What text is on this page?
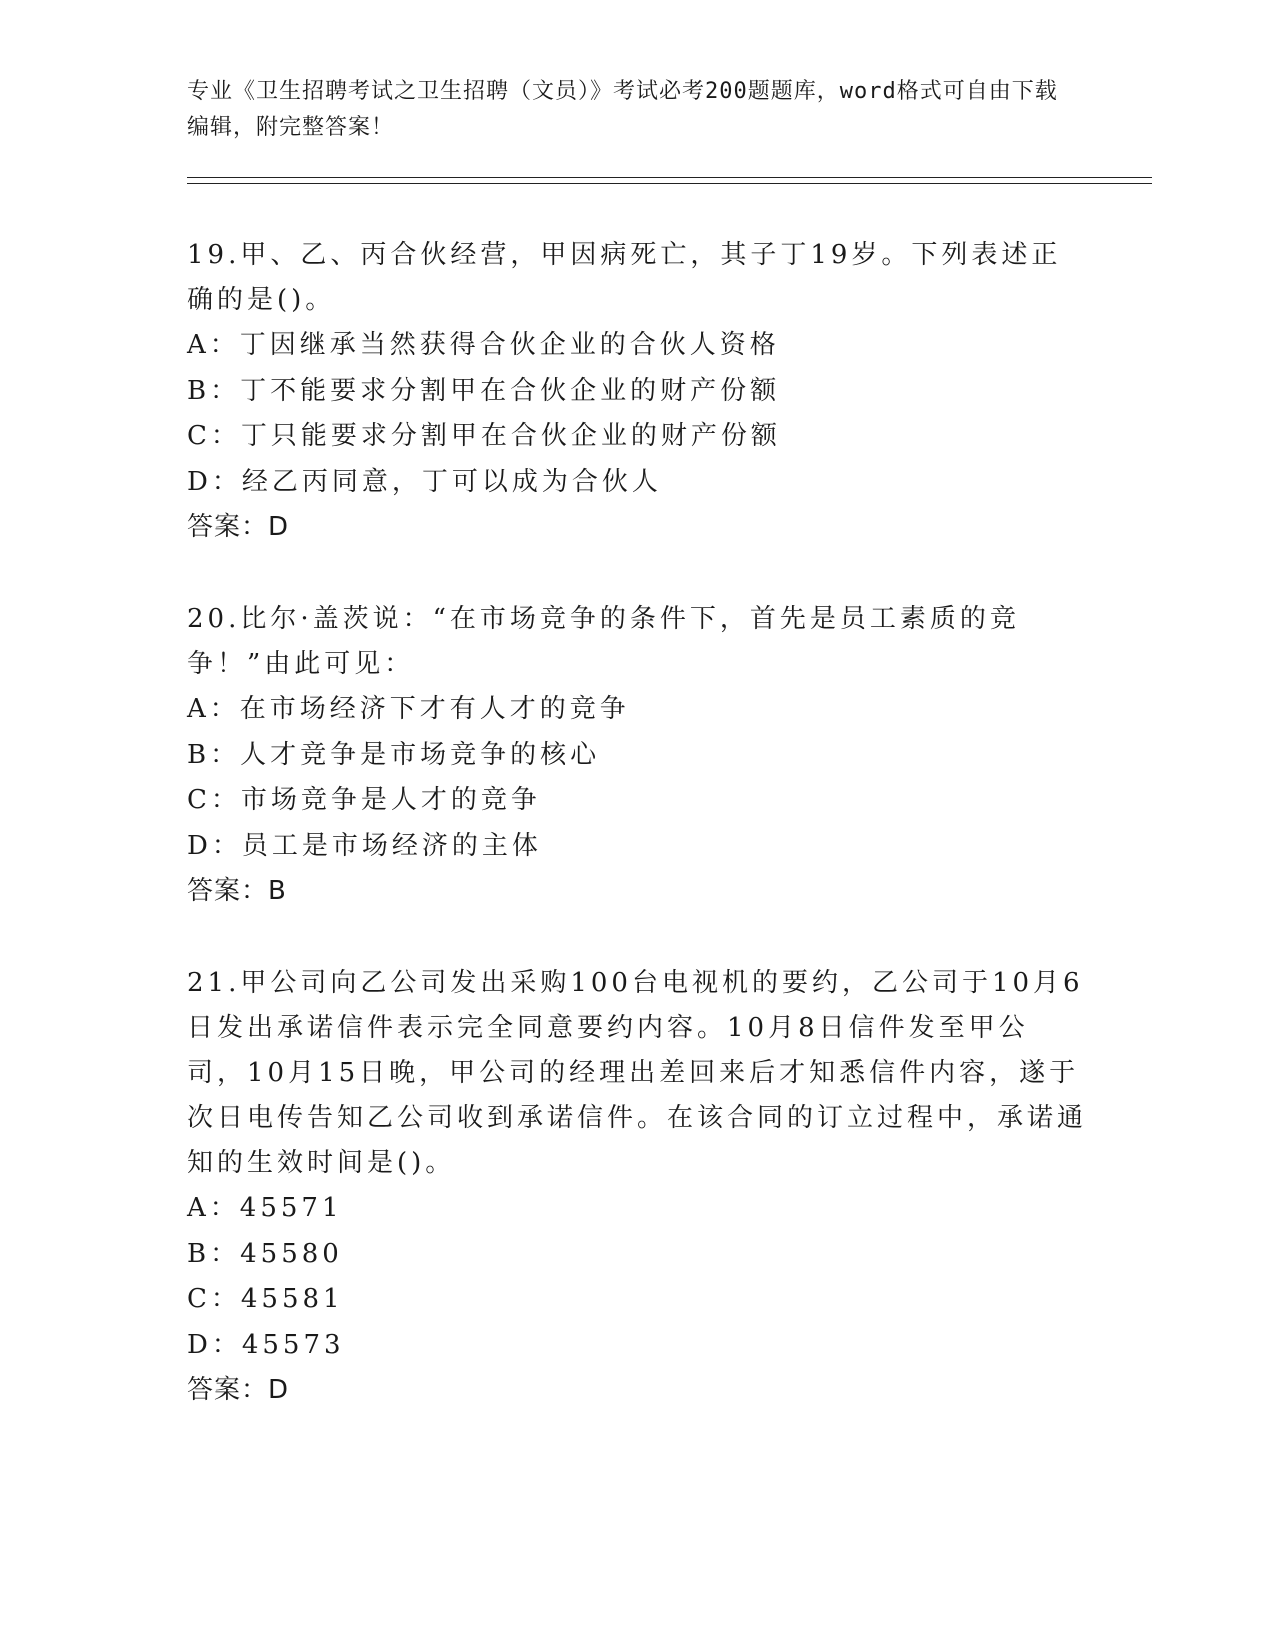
专业《卫生招聘考试之卫生招聘（文员）》考试必考200题题库，word格式可自由下载编辑，附完整答案！

19.甲、乙、丙合伙经营，甲因病死亡，其子丁19岁。下列表述正确的是()。

A：丁因继承当然获得合伙企业的合伙人资格

B：丁不能要求分割甲在合伙企业的财产份额

C：丁只能要求分割甲在合伙企业的财产份额

D：经乙丙同意，丁可以成为合伙人

答案：D

20.比尔·盖茨说：“在市场竞争的条件下，首先是员工素质的竞争！”由此可见：

A：在市场经济下才有人才的竞争

B：人才竞争是市场竞争的核心

C：市场竞争是人才的竞争

D：员工是市场经济的主体

答案：B

21.甲公司向乙公司发出采购100台电视机的要约，乙公司于10月6日发出承诺信件表示完全同意要约内容。10月8日信件发至甲公司，10月15日晚，甲公司的经理出差回来后才知悉信件内容，遂于次日电传告知乙公司收到承诺信件。在该合同的订立过程中，承诺通知的生效时间是()。

A：45571

B：45580

C：45581

D：45573

答案：D
